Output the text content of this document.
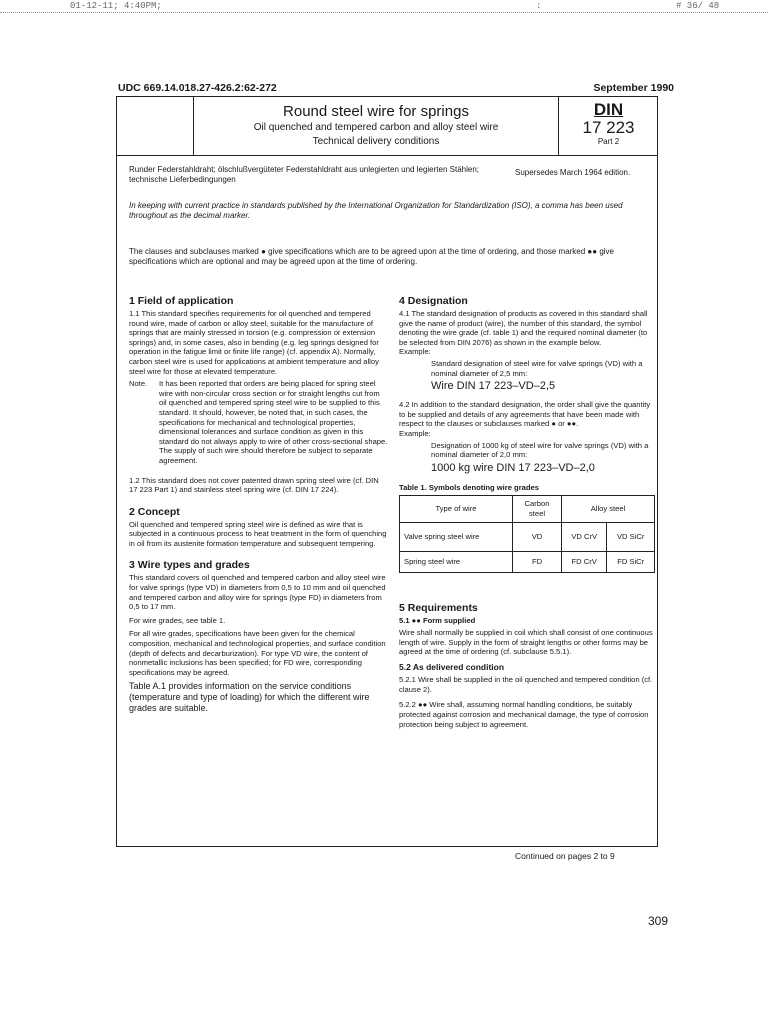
01-12-11; 4:40PM;	:	# 36/ 48
UDC 669.14.018.27-426.2:62-272	September 1990
Round steel wire for springs
Oil quenched and tempered carbon and alloy steel wire
Technical delivery conditions
DIN
17 223
Part 2
Runder Federstahldraht; ölschlußvergüteter Federstahldraht aus unlegierten und legierten Stählen; technische Lieferbedingungen
Supersedes March 1964 edition.
In keeping with current practice in standards published by the International Organization for Standardization (ISO), a comma has been used throughout as the decimal marker.
The clauses and subclauses marked ● give specifications which are to be agreed upon at the time of ordering, and those marked ●● give specifications which are optional and may be agreed upon at the time of ordering.
1 Field of application
1.1 This standard specifies requirements for oil quenched and tempered round wire, made of carbon or alloy steel, suitable for the manufacture of springs that are mainly stressed in torsion (e.g. compression or extension springs) and, in some cases, also in bending (e.g. leg springs designed for operation in the fatigue limit or finite life range) (cf. appendix A). Normally, carbon steel wire is used for applications at ambient temperature and alloy steel wire for those at elevated temperature.
Note.	It has been reported that orders are being placed for spring steel wire with non-circular cross section or for straight lengths cut from oil quenched and tempered spring steel wire to be supplied to this standard. It should, however, be noted that, in such cases, the specifications for mechanical and technological properties, dimensional tolerances and surface condition as given in this standard do not always apply to wire of other cross-sectional shape. The supply of such wire should therefore be subject to separate agreement.
1.2 This standard does not cover patented drawn spring steel wire (cf. DIN 17 223 Part 1) and stainless steel spring wire (cf. DIN 17 224).
2 Concept
Oil quenched and tempered spring steel wire is defined as wire that is subjected in a continuous process to heat treatment in the form of quenching in oil from its austenite formation temperature and subsequent tempering.
3 Wire types and grades
This standard covers oil quenched and tempered carbon and alloy steel wire for valve springs (type VD) in diameters from 0,5 to 10 mm and oil quenched and tempered carbon and alloy wire for springs (type FD) in diameters from 0,5 to 17 mm.
For wire grades, see table 1.
For all wire grades, specifications have been given for the chemical composition, mechanical and technological properties, and surface condition (depth of defects and decarburization). For type VD wire, the content of nonmetallic inclusions has been specified; for FD wire, corresponding specifications may be agreed.
Table A.1 provides information on the service conditions (temperature and type of loading) for which the different wire grades are suitable.
4 Designation
4.1 The standard designation of products as covered in this standard shall give the name of product (wire), the number of this standard, the symbol denoting the wire grade (cf. table 1) and the required nominal diameter (to be selected from DIN 2076) as shown in the example below.
Example:
Standard designation of steel wire for valve springs (VD) with a nominal diameter of 2,5 mm:
Wire DIN 17 223–VD–2,5
4.2 In addition to the standard designation, the order shall give the quantity to be supplied and details of any agreements that have been made with respect to the clauses or subclauses marked ● or ●●.
Example:
Designation of 1000 kg of steel wire for valve springs (VD) with a nominal diameter of 2,0 mm:
1000 kg wire DIN 17 223–VD–2,0
Table 1. Symbols denoting wire grades
Type of wire	Carbon steel	Alloy steel	
Valve spring steel wire	VD	VD CrV	VD SiCr
Spring steel wire	FD	FD CrV	FD SiCr
5 Requirements
5.1 ●● Form supplied
Wire shall normally be supplied in coil which shall consist of one continuous length of wire. Supply in the form of straight lengths or other forms may be agreed at the time of ordering (cf. subclause 5.5.1).
5.2 As delivered condition
5.2.1 Wire shall be supplied in the oil quenched and tempered condition (cf. clause 2).
5.2.2 ●● Wire shall, assuming normal handling conditions, be suitably protected against corrosion and mechanical damage, the type of corrosion protection being subject to agreement.
Continued on pages 2 to 9
309
